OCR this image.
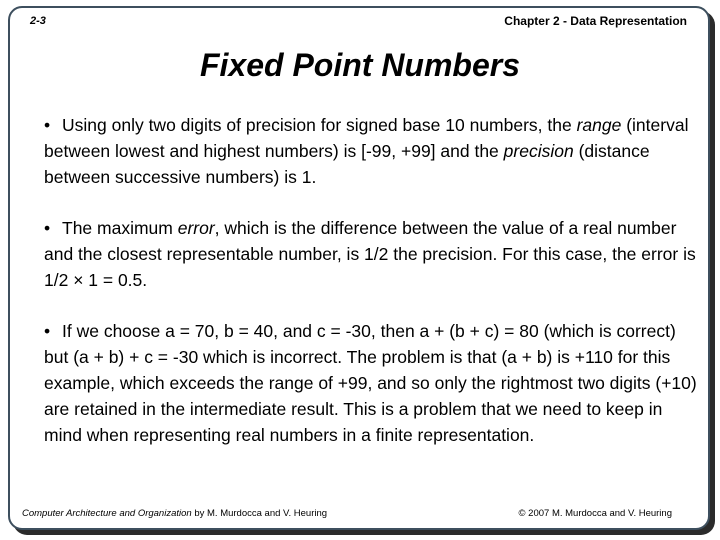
2-3	Chapter 2 - Data Representation
Fixed Point Numbers
• Using only two digits of precision for signed base 10 numbers, the range (interval between lowest and highest numbers) is [-99, +99] and the precision (distance between successive numbers) is 1.
• The maximum error, which is the difference between the value of a real number and the closest representable number, is 1/2 the precision. For this case, the error is 1/2 × 1 = 0.5.
• If we choose a = 70, b = 40, and c = -30, then a + (b + c) = 80 (which is correct) but (a + b) + c = -30 which is incorrect. The problem is that (a + b) is +110 for this example, which exceeds the range of +99, and so only the rightmost two digits (+10) are retained in the intermediate result. This is a problem that we need to keep in mind when representing real numbers in a finite representation.
Computer Architecture and Organization by M. Murdocca and V. Heuring	© 2007 M. Murdocca and V. Heuring
